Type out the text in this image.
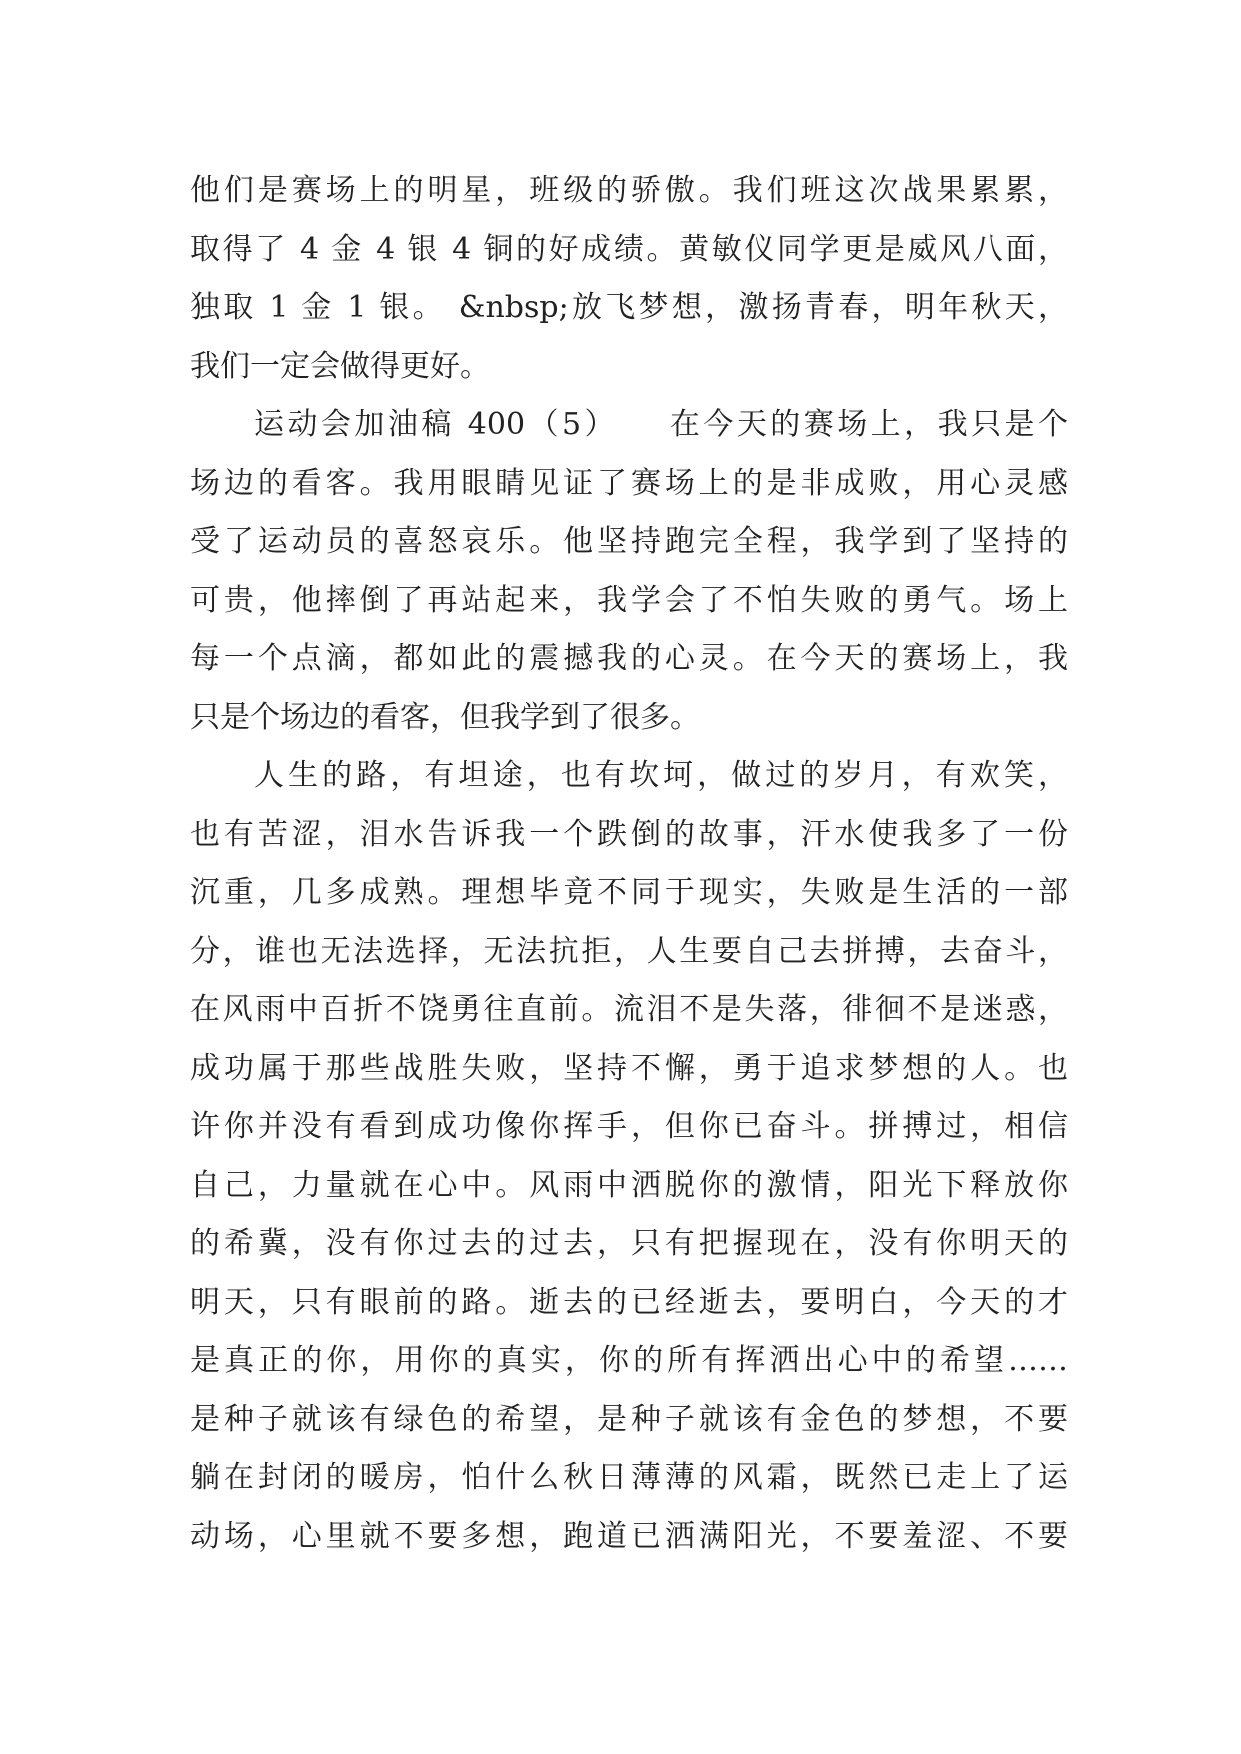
他们是赛场上的明星，班级的骄傲。我们班这次战果累累，
取得了 4 金 4 银 4 铜的好成绩。黄敏仪同学更是威风八面，
独取 1 金 1 银。 &nbsp;放飞梦想，激扬青春，明年秋天，
我们一定会做得更好。
运动会加油稿 400（5）　　在今天的赛场上，我只是个
场边的看客。我用眼睛见证了赛场上的是非成败，用心灵感
受了运动员的喜怒哀乐。他坚持跑完全程，我学到了坚持的
可贵，他摔倒了再站起来，我学会了不怕失败的勇气。场上
每一个点滴，都如此的震撼我的心灵。在今天的赛场上，我
只是个场边的看客，但我学到了很多。
人生的路，有坦途，也有坎坷，做过的岁月，有欢笑，
也有苦涩，泪水告诉我一个跌倒的故事，汗水使我多了一份
沉重，几多成熟。理想毕竟不同于现实，失败是生活的一部
分，谁也无法选择，无法抗拒，人生要自己去拼搏，去奋斗，
在风雨中百折不饶勇往直前。流泪不是失落，徘徊不是迷惑，
成功属于那些战胜失败，坚持不懈，勇于追求梦想的人。也
许你并没有看到成功像你挥手，但你已奋斗。拼搏过，相信
自己，力量就在心中。风雨中洒脱你的激情，阳光下释放你
的希冀，没有你过去的过去，只有把握现在，没有你明天的
明天，只有眼前的路。逝去的已经逝去，要明白，今天的才
是真正的你，用你的真实，你的所有挥洒出心中的希望……
是种子就该有绿色的希望，是种子就该有金色的梦想，不要
躺在封闭的暖房，怕什么秋日薄薄的风霜，既然已走上了运
动场，心里就不要多想，跑道已洒满阳光，不要羞涩、不要
